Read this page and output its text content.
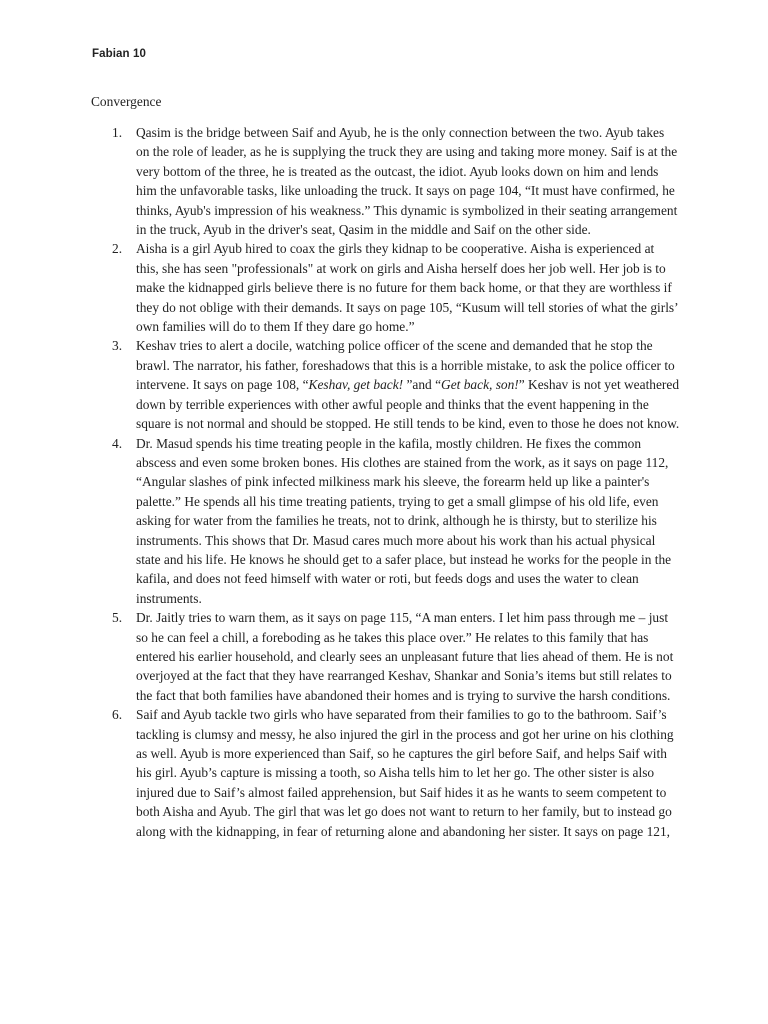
Fabian 10
Convergence
1.	Qasim is the bridge between Saif and Ayub, he is the only connection between the two. Ayub takes on the role of leader, as he is supplying the truck they are using and taking more money. Saif is at the very bottom of the three, he is treated as the outcast, the idiot. Ayub looks down on him and lends him the unfavorable tasks, like unloading the truck. It says on page 104, “It must have confirmed, he thinks, Ayub's impression of his weakness.” This dynamic is symbolized in their seating arrangement in the truck, Ayub in the driver's seat, Qasim in the middle and Saif on the other side.
2.	Aisha is a girl Ayub hired to coax the girls they kidnap to be cooperative. Aisha is experienced at this, she has seen "professionals" at work on girls and Aisha herself does her job well. Her job is to make the kidnapped girls believe there is no future for them back home, or that they are worthless if they do not oblige with their demands. It says on page 105, “Kusum will tell stories of what the girls’ own families will do to them If they dare go home.”
3.	Keshav tries to alert a docile, watching police officer of the scene and demanded that he stop the brawl. The narrator, his father, foreshadows that this is a horrible mistake, to ask the police officer to intervene. It says on page 108, “Keshav, get back! ”and “Get back, son!” Keshav is not yet weathered down by terrible experiences with other awful people and thinks that the event happening in the square is not normal and should be stopped. He still tends to be kind, even to those he does not know.
4.	Dr. Masud spends his time treating people in the kafila, mostly children. He fixes the common abscess and even some broken bones. His clothes are stained from the work, as it says on page 112, “Angular slashes of pink infected milkiness mark his sleeve, the forearm held up like a painter's palette.” He spends all his time treating patients, trying to get a small glimpse of his old life, even asking for water from the families he treats, not to drink, although he is thirsty, but to sterilize his instruments. This shows that Dr. Masud cares much more about his work than his actual physical state and his life. He knows he should get to a safer place, but instead he works for the people in the kafila, and does not feed himself with water or roti, but feeds dogs and uses the water to clean instruments.
5.	Dr. Jaitly tries to warn them, as it says on page 115, “A man enters. I let him pass through me – just so he can feel a chill, a foreboding as he takes this place over.” He relates to this family that has entered his earlier household, and clearly sees an unpleasant future that lies ahead of them. He is not overjoyed at the fact that they have rearranged Keshav, Shankar and Sonia’s items but still relates to the fact that both families have abandoned their homes and is trying to survive the harsh conditions.
6.	Saif and Ayub tackle two girls who have separated from their families to go to the bathroom. Saif’s tackling is clumsy and messy, he also injured the girl in the process and got her urine on his clothing as well. Ayub is more experienced than Saif, so he captures the girl before Saif, and helps Saif with his girl. Ayub’s capture is missing a tooth, so Aisha tells him to let her go. The other sister is also injured due to Saif’s almost failed apprehension, but Saif hides it as he wants to seem competent to both Aisha and Ayub. The girl that was let go does not want to return to her family, but to instead go along with the kidnapping, in fear of returning alone and abandoning her sister. It says on page 121,
